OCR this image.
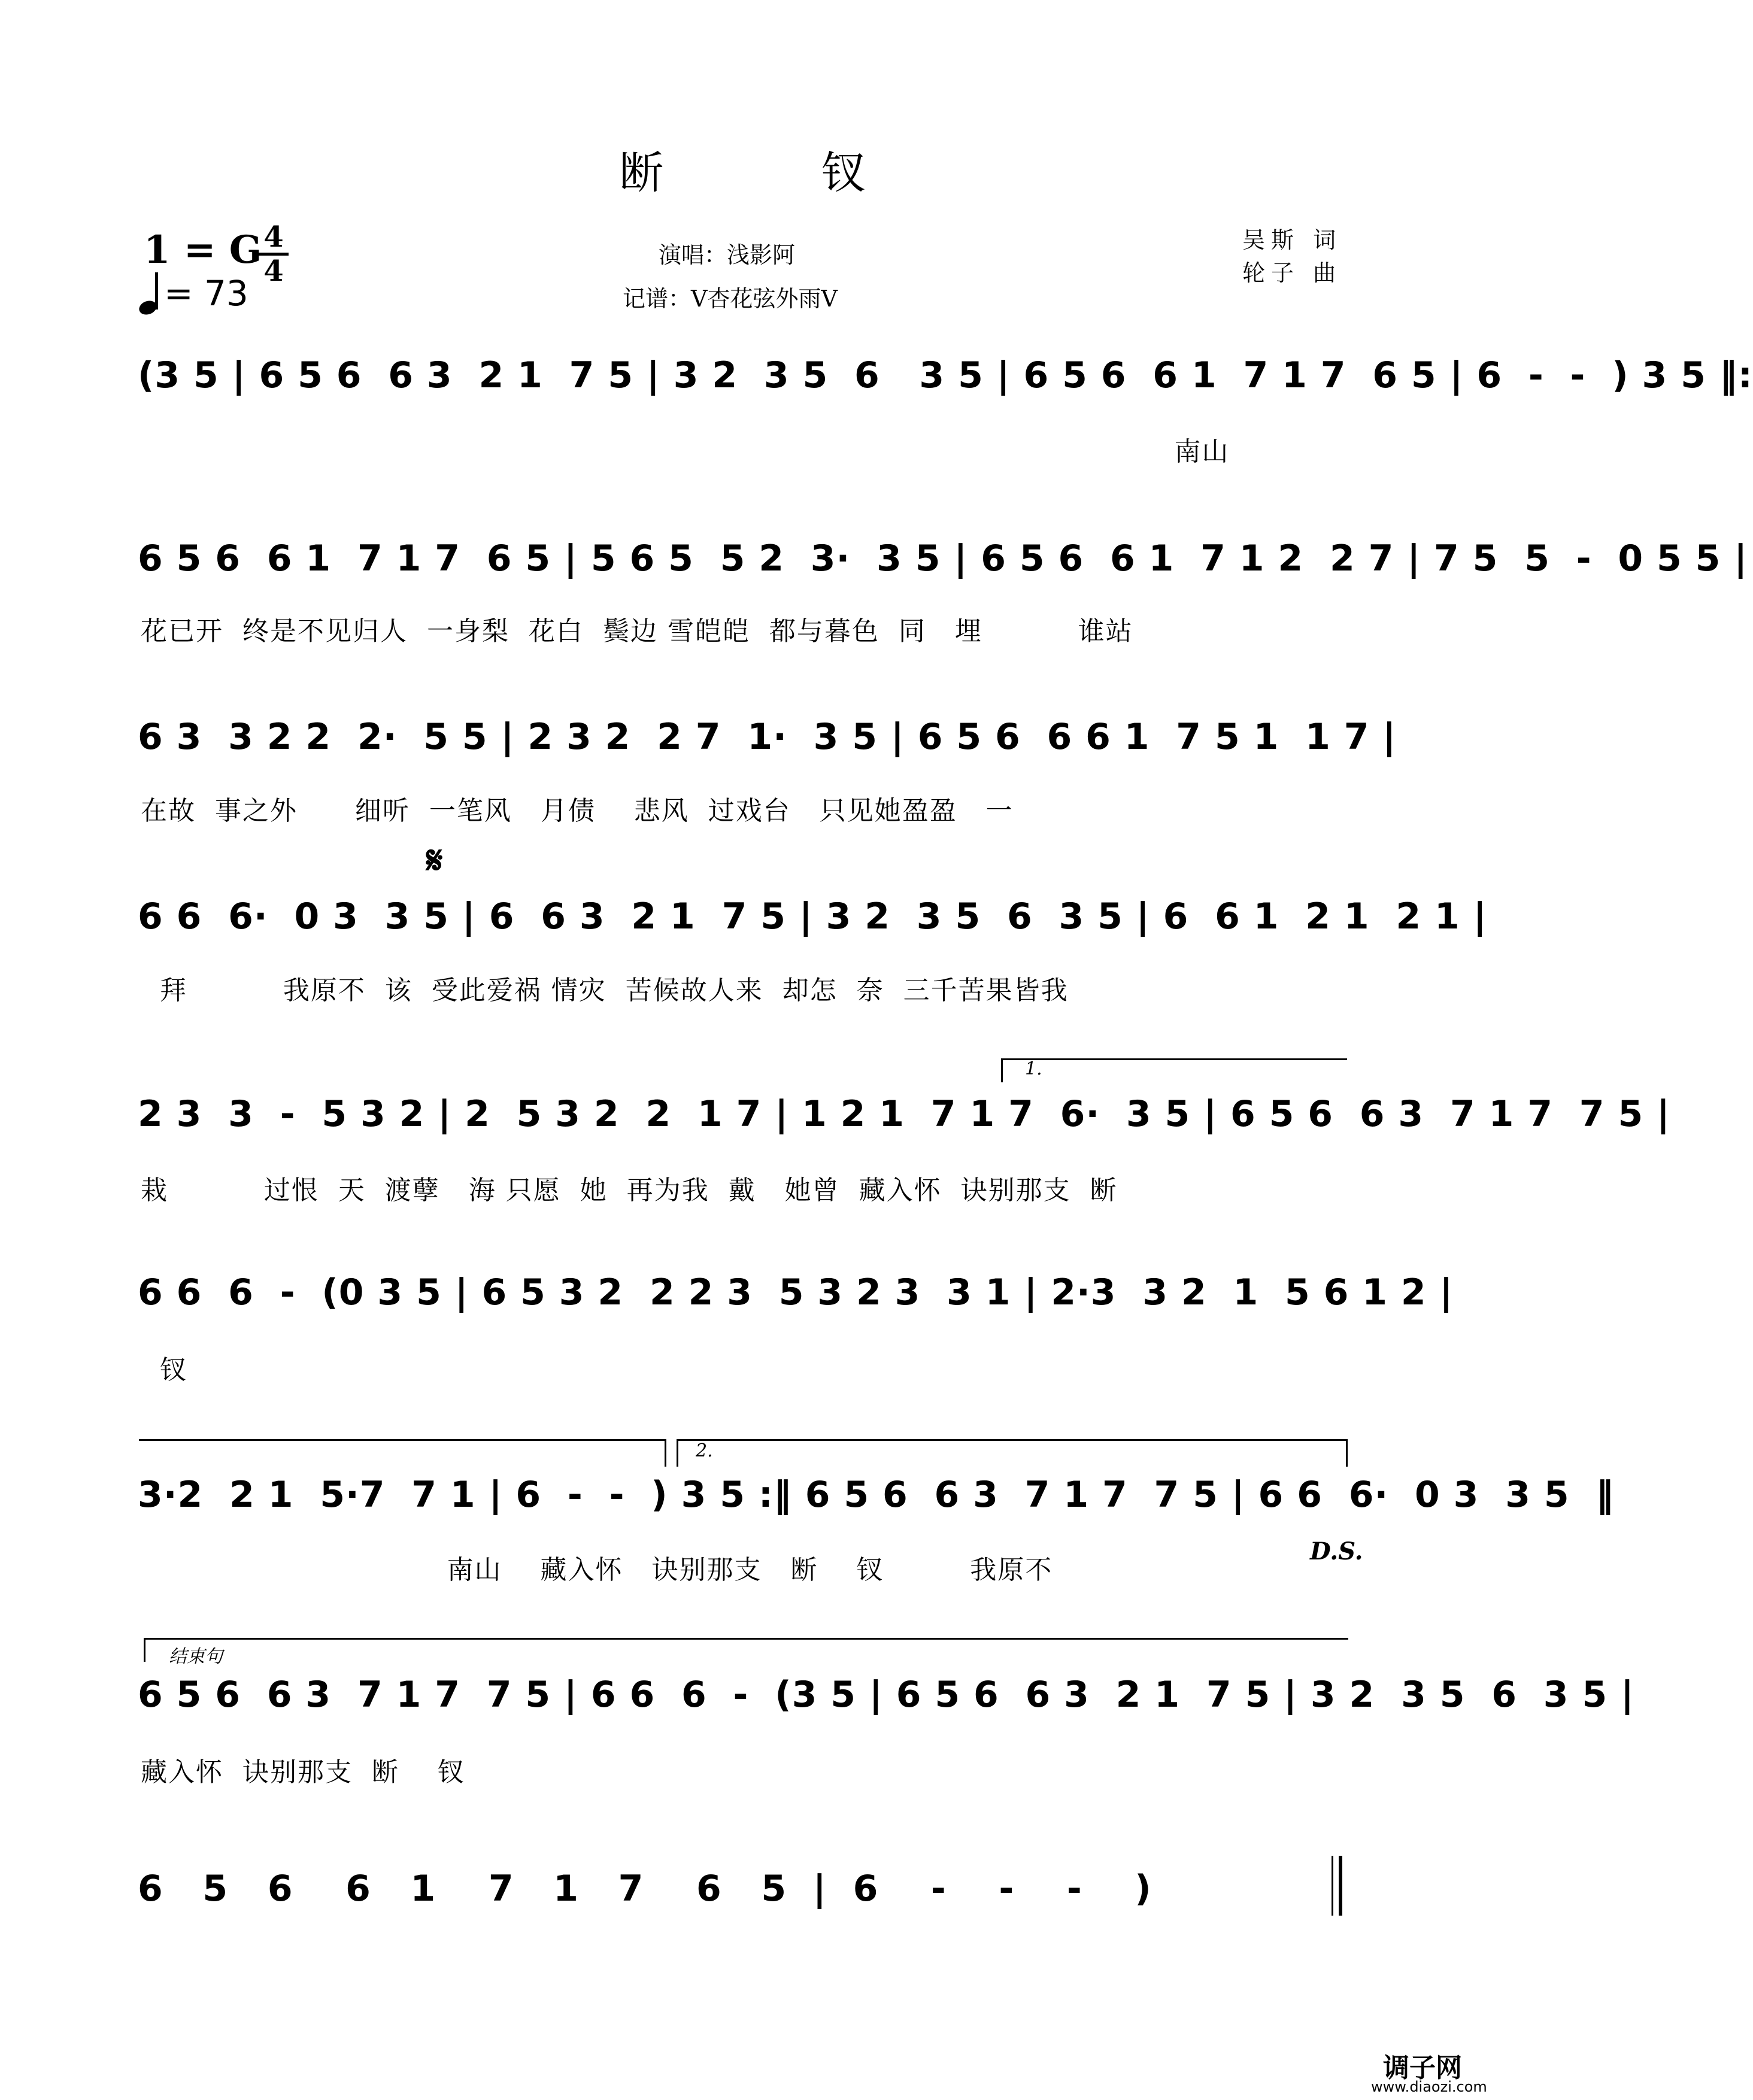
断 钗
1 = G 4
4
= 73
演唱：浅影阿
记谱：V杏花弦外雨V
吴斯 词
轮子 曲
(3 5 | 6 5 6  6 3  2 1  7 5 | 3 2  3 5  6   3 5 | 6 5 6  6 1  7 1 7  6 5 | 6  -  -  ) 3 5 ‖:
南山
6 5 6  6 1  7 1 7  6 5 | 5 6 5  5 2  3·  3 5 | 6 5 6  6 1  7 1 2  2 7 | 7 5  5  -  0 5 5 |
花已开  终是不见归人  一身梨  花白  鬓边 雪皑皑  都与暮色  同   埋          谁站
6 3  3 2 2  2·  5 5 | 2 3 2  2 7  1·  3 5 | 6 5 6  6 6 1  7 5 1  1 7 |
在故  事之外      细听  一笔风   月债    悲风  过戏台   只见她盈盈   一
𝄋
6 6  6·  0 3  3 5 | 6  6 3  2 1  7 5 | 3 2  3 5  6  3 5 | 6  6 1  2 1  2 1 |
拜          我原不  该  受此爱祸 情灾  苦候故人来  却怎  奈  三千苦果皆我
1.
2 3  3  -  5 3 2 | 2  5 3 2  2  1 7 | 1 2 1  7 1 7  6·  3 5 | 6 5 6  6 3  7 1 7  7 5 |
栽          过恨  天  渡孽   海 只愿  她  再为我  戴   她曾  藏入怀  诀别那支  断
6 6  6  -  (0 3 5 | 6 5 3 2  2 2 3  5 3 2 3  3 1 | 2·3  3 2  1  5 6 1 2 |
钗
2.
3·2  2 1  5·7  7 1 | 6  -  -  ) 3 5 :‖ 6 5 6  6 3  7 1 7  7 5 | 6 6  6·  0 3  3 5  ‖
南山    藏入怀   诀别那支   断    钗         我原不
D.S.
结束句
6 5 6  6 3  7 1 7  7 5 | 6 6  6  -  (3 5 | 6 5 6  6 3  2 1  7 5 | 3 2  3 5  6  3 5 |
藏入怀  诀别那支  断    钗
6   5   6    6   1    7   1   7    6   5  |  6    -    -    -    )
调子网
www.diaozi.com
